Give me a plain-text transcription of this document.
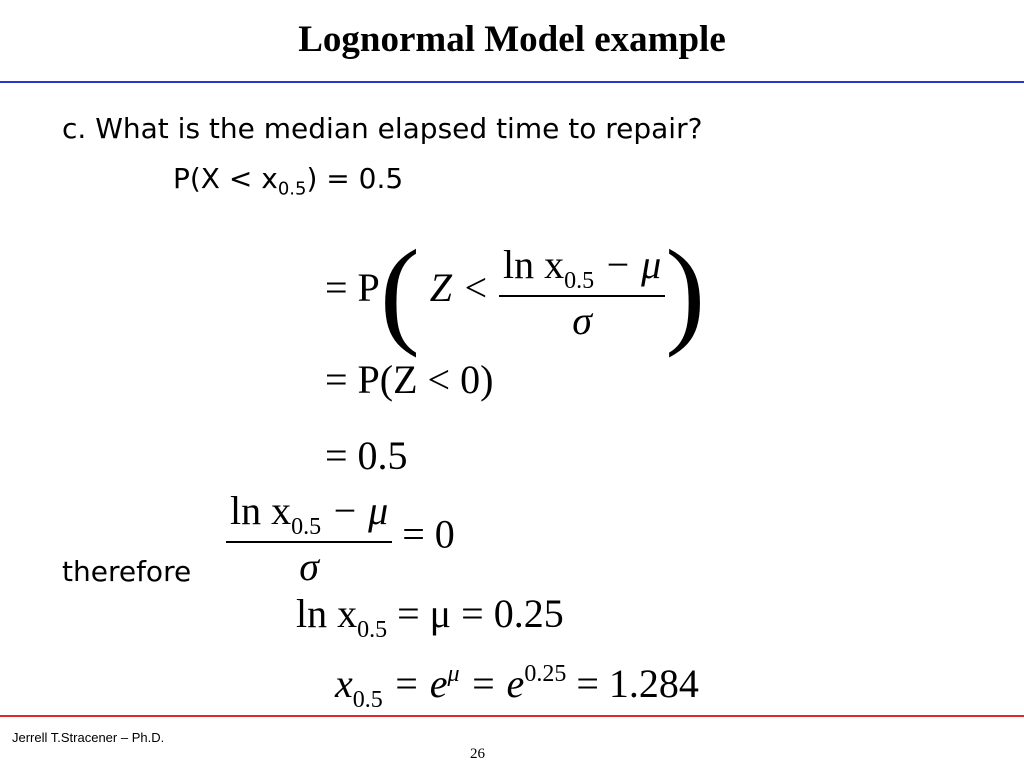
Lognormal Model example
c. What is the median elapsed time to repair?
$P(X < x_{0.5}) = 0.5$
= P( $Z < \frac{\ln x_{0.5} - \mu}{\sigma}$ )
= P(Z < 0)
= 0.5
$\frac{\ln x_{0.5} - \mu}{\sigma} = 0$
therefore
$\ln x_{0.5} = \mu = 0.25$
$x_{0.5} = e^\mu = e^{0.25} = 1.284$
Jerrell T.Stracener – Ph.D.
26
